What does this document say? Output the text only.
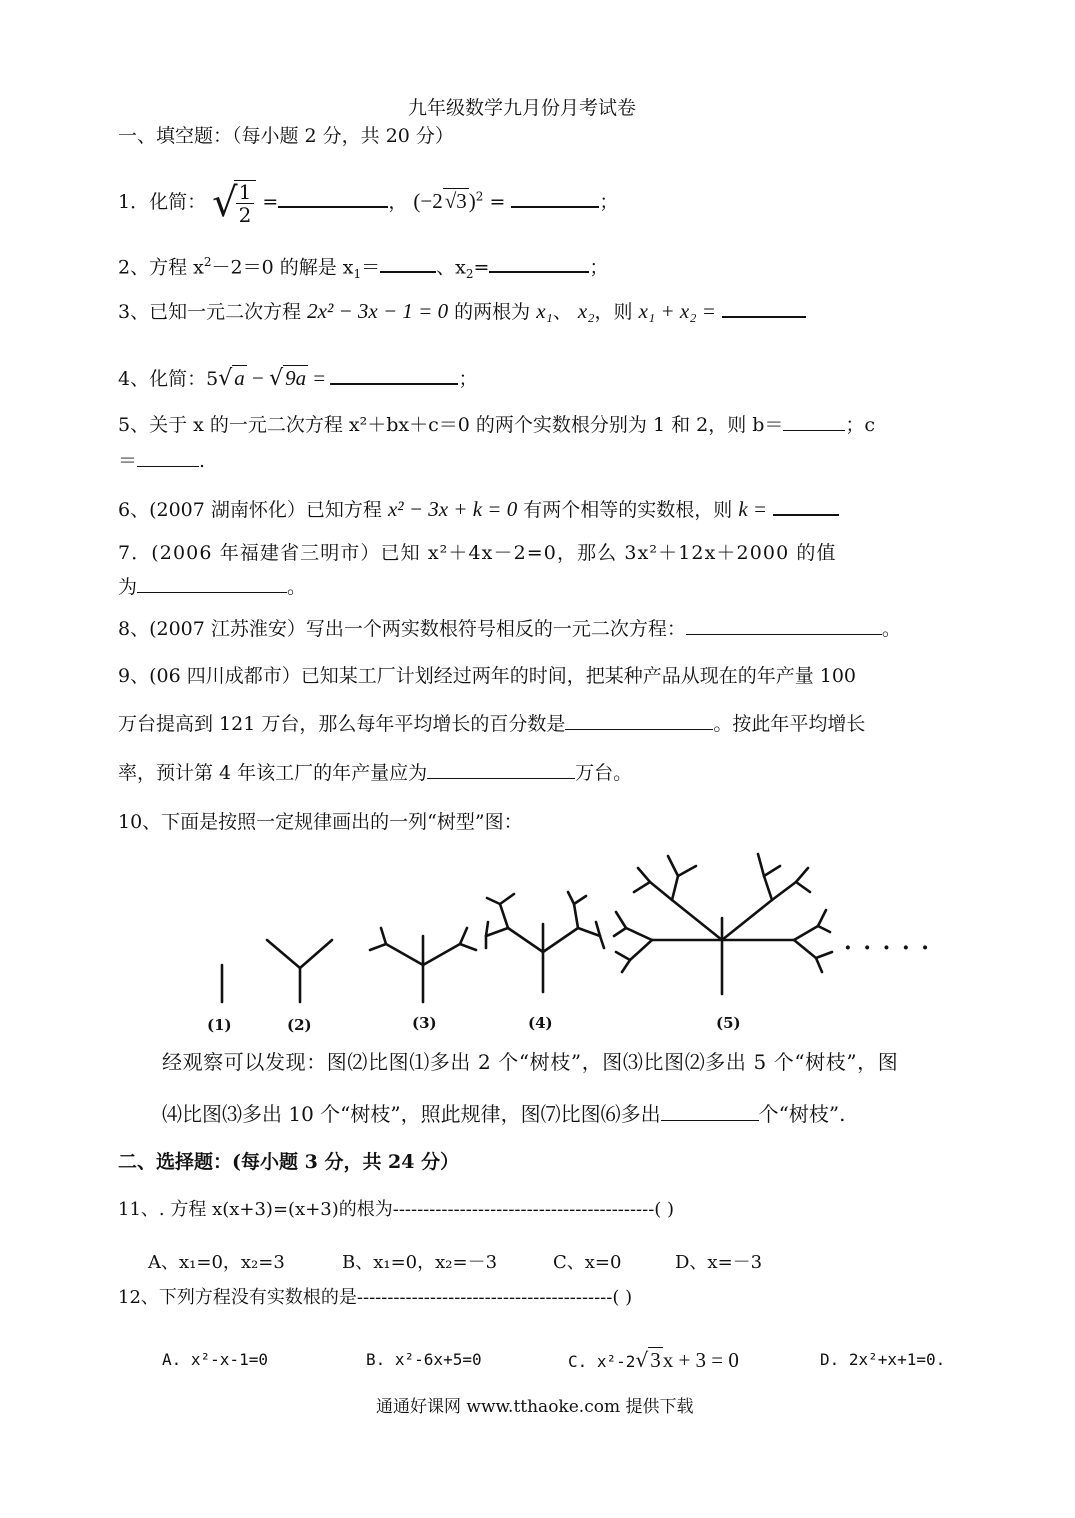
九年级数学九月份月考试卷
一、填空题：（每小题 2 分，共 20 分）
1．化简： √
$\frac{1}{2}$ =	， $(-2√3)^2$ =	；
2、方程 $x^2-2=0$ 的解是 $x_1=$	、$x_2=$	；
3、已知一元二次方程 2x² − 3x − 1 = 0 的两根为 x₁、 x₂，则 x₁ + x₂ =
4、化简：5√a − √9a =	；
5、关于 x 的一元二次方程 x²＋bx＋c＝0 的两个实数根分别为 1 和 2，则 b＝	；c
＝	.
6、(2007 湖南怀化）已知方程 x² − 3x + k = 0 有两个相等的实数根，则 k =
7．(2006 年福建省三明市）已知 x²＋4x－2=0，那么 3x²＋12x＋2000 的值
为	。
8、(2007 江苏淮安）写出一个两实数根符号相反的一元二次方程：	。
9、(06 四川成都市）已知某工厂计划经过两年的时间，把某种产品从现在的年产量 100
万台提高到 121 万台，那么每年平均增长的百分数是	。按此年平均增长
率，预计第 4 年该工厂的年产量应为	万台。
10、下面是按照一定规律画出的一列“树型”图：
· · · · ·
(1)	(2)	(3)	(4)	(5)
经观察可以发现：图⑵比图⑴多出 2 个“树枝”，图⑶比图⑵多出 5 个“树枝”，图
⑷比图⑶多出 10 个“树枝”，照此规律，图⑺比图⑹多出	个“树枝”.
二、选择题：(每小题 3 分，共 24 分）
11、. 方程 x(x+3)=(x+3)的根为-------------------------------------------( )
A、x₁=0，x₂=3	B、x₁=0，x₂=－3	C、x=0	D、x=－3
12、下列方程没有实数根的是------------------------------------------( )
A. x²-x-1=0	B. x²-6x+5=0	C. x²-2√3x + 3 = 0	D. 2x²+x+1=0.
通通好课网 www.tthaoke.com 提供下载
